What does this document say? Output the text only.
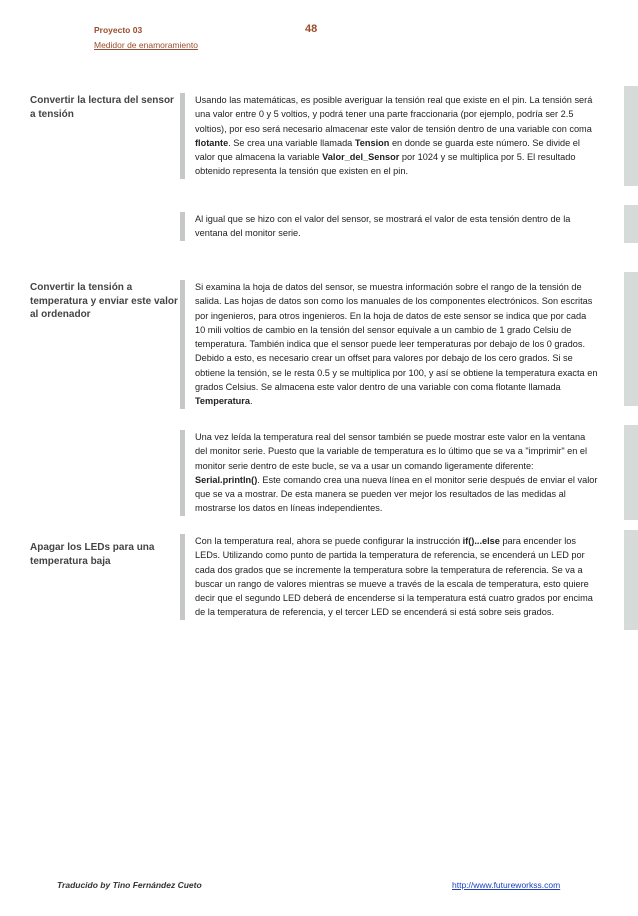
Proyecto 03
Medidor de enamoramiento
48
Convertir la lectura del sensor a tensión
Usando las matemáticas, es posible averiguar la tensión real que existe en el pin. La tensión será una valor entre 0 y 5 voltios, y podrá tener una parte fraccionaria (por ejemplo, podría ser 2.5 voltios), por eso será necesario almacenar este valor de tensión dentro de una variable con coma flotante. Se crea una variable llamada Tension en donde se guarda este número. Se divide el valor que almacena la variable Valor_del_Sensor por 1024 y se multiplica por 5. El resultado obtenido representa la tensión que existen en el pin.
Al igual que se hizo con el valor del sensor, se mostrará el valor de esta tensión dentro de la ventana del monitor serie.
Convertir la tensión a temperatura y enviar este valor al ordenador
Si examina la hoja de datos del sensor, se muestra información sobre el rango de la tensión de salida. Las hojas de datos son como los manuales de los componentes electrónicos. Son escritas por ingenieros, para otros ingenieros. En la hoja de datos de este sensor se indica que por cada 10 mili voltios de cambio en la tensión del sensor equivale a un cambio de 1 grado Celsiu de temperatura. También indica que el sensor puede leer temperaturas por debajo de los 0 grados. Debido a esto, es necesario crear un offset para valores por debajo de los cero grados. Si se obtiene la tensión, se le resta 0.5 y se multiplica por 100, y así se obtiene la temperatura exacta en grados Celsius. Se almacena este valor dentro de una variable con coma flotante llamada Temperatura.
Una vez leída la temperatura real del sensor también se puede mostrar este valor en la ventana del monitor serie. Puesto que la variable de temperatura es lo último que se va a "imprimir" en el monitor serie dentro de este bucle, se va a usar un comando ligeramente diferente: Serial.println(). Este comando crea una nueva línea en el monitor serie después de enviar el valor que se va a mostrar. De esta manera se pueden ver mejor los resultados de las medidas al mostrarse los datos en líneas independientes.
Apagar los LEDs para una temperatura baja
Con la temperatura real, ahora se puede configurar la instrucción if()...else para encender los LEDs. Utilizando como punto de partida la temperatura de referencia, se encenderá un LED por cada dos grados que se incremente la temperatura sobre la temperatura de referencia. Se va a buscar un rango de valores mientras se mueve a través de la escala de temperatura, esto quiere decir que el segundo LED deberá de encenderse si la temperatura está cuatro grados por encima de la temperatura de referencia, y el tercer LED se encenderá si está sobre seis grados.
Traducido by Tino Fernández Cueto	http://www.futureworkss.com
